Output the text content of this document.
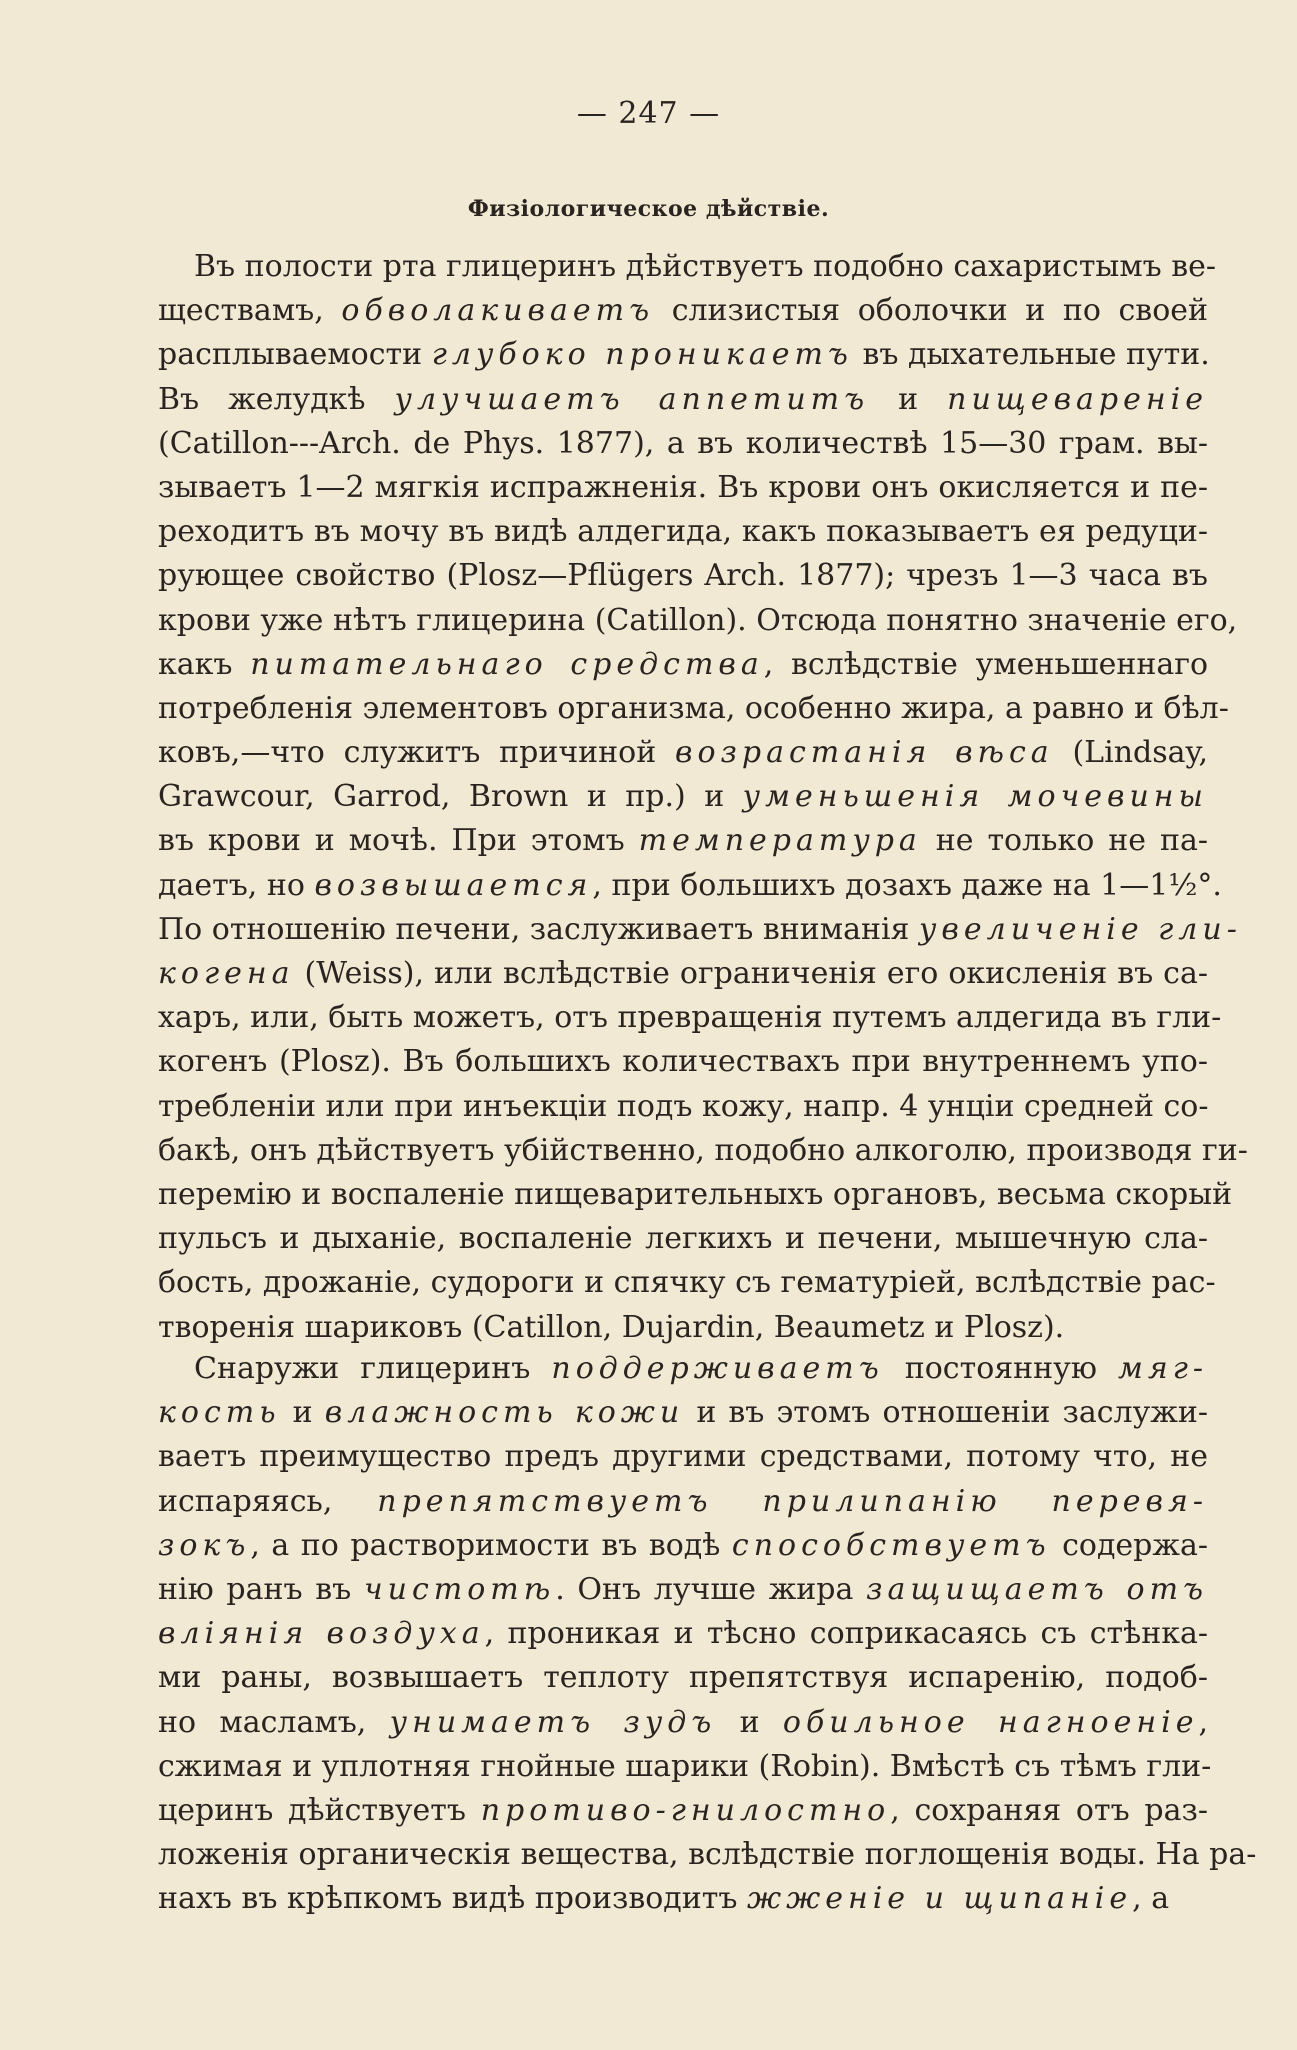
— 247 —
Физіологическое дѣйствіе.
Въ полости рта глицеринъ дѣйствуетъ подобно сахаристымъ ве-
ществамъ, обволакиваетъ слизистыя оболочки и по своей
расплываемости глубоко проникаетъ въ дыхательные пути.
Въ желудкѣ улучшаетъ аппетитъ и пищевареніе
(Catillon---Arch. de Phys. 1877), а въ количествѣ 15—30 грам. вы-
зываетъ 1—2 мягкія испражненія. Въ крови онъ окисляется и пе-
реходитъ въ мочу въ видѣ алдегида, какъ показываетъ ея редуци-
рующее свойство (Plosz—Pflügers Arch. 1877); чрезъ 1—3 часа въ
крови уже нѣтъ глицерина (Catillon). Отсюда понятно значеніе его,
какъ питательнаго средства, вслѣдствіе уменьшеннаго
потребленія элементовъ организма, особенно жира, а равно и бѣл-
ковъ,—что служитъ причиной возрастанія вѣса (Lindsay,
Grawcour, Garrod, Brown и пр.) и уменьшенія мочевины
въ крови и мочѣ. При этомъ температура не только не па-
даетъ, но возвышается, при большихъ дозахъ даже на 1—1½°.
По отношенію печени, заслуживаетъ вниманія увеличеніе гли-
когена (Weiss), или вслѣдствіе ограниченія его окисленія въ са-
харъ, или, быть можетъ, отъ превращенія путемъ алдегида въ гли-
когенъ (Plosz). Въ большихъ количествахъ при внутреннемъ упо-
требленіи или при инъекціи подъ кожу, напр. 4 унціи средней со-
бакѣ, онъ дѣйствуетъ убійственно, подобно алкоголю, производя ги-
перемію и воспаленіе пищеварительныхъ органовъ, весьма скорый
пульсъ и дыханіе, воспаленіе легкихъ и печени, мышечную сла-
бость, дрожаніе, судороги и спячку съ гематуріей, вслѣдствіе рас-
творенія шариковъ (Catillon, Dujardin, Beaumetz и Plosz).
Снаружи глицеринъ поддерживаетъ постоянную мяг-
кость и влажность кожи и въ этомъ отношеніи заслужи-
ваетъ преимущество предъ другими средствами, потому что, не
испаряясь, препятствуетъ прилипанію перевя-
зокъ, а по растворимости въ водѣ способствуетъ содержа-
нію ранъ въ чистотѣ. Онъ лучше жира защищаетъ отъ
вліянія воздуха, проникая и тѣсно соприкасаясь съ стѣнка-
ми раны, возвышаетъ теплоту препятствуя испаренію, подоб-
но масламъ, унимаетъ зудъ и обильное нагноеніе,
сжимая и уплотняя гнойные шарики (Robin). Вмѣстѣ съ тѣмъ гли-
церинъ дѣйствуетъ противо-гнилостно, сохраняя отъ раз-
ложенія органическія вещества, вслѣдствіе поглощенія воды. На ра-
нахъ въ крѣпкомъ видѣ производитъ жженіе и щипаніе, а
